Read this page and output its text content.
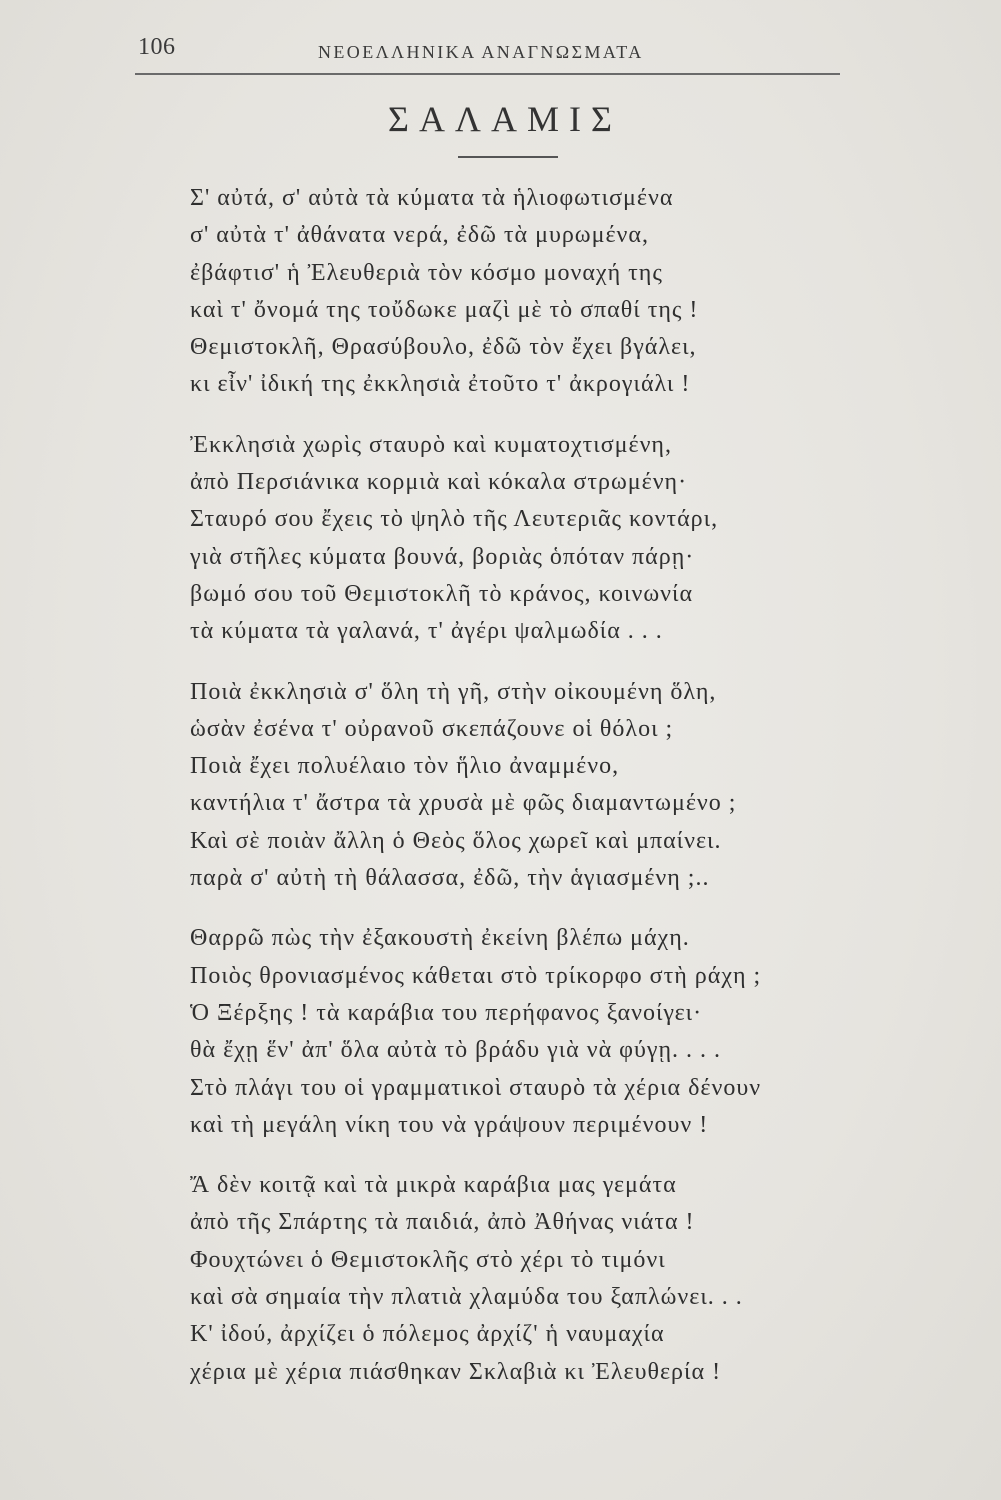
106	ΝΕΟΕΛΛΗΝΙΚΑ ΑΝΑΓΝΩΣΜΑΤΑ
ΣΑΛΑΜΙΣ
Σ' αὐτά, σ' αὐτὰ τὰ κύματα τὰ ἡλιοφωτισμένα
σ' αὐτὰ τ' ἀθάνατα νερά, ἐδῶ τὰ μυρωμένα,
ἐβάφτισ' ἡ Ἐλευθεριὰ τὸν κόσμο μοναχή της
καὶ τ' ὄνομά της τοὔδωκε μαζὶ μὲ τὸ σπαθί της !
Θεμιστοκλῆ, Θρασύβουλο, ἐδῶ τὸν ἔχει βγάλει,
κι εἶν' ἰδική της ἐκκλησιὰ ἐτοῦτο τ' ἀκρογιάλι !
Ἐκκλησιὰ χωρὶς σταυρὸ καὶ κυματοχτισμένη,
ἀπὸ Περσιάνικα κορμιὰ καὶ κόκαλα στρωμένη·
Σταυρό σου ἔχεις τὸ ψηλὸ τῆς Λευτεριᾶς κοντάρι,
γιὰ στῆλες κύματα βουνά, βοριὰς ὁπόταν πάρῃ·
βωμό σου τοῦ Θεμιστοκλῆ τὸ κράνος, κοινωνία
τὰ κύματα τὰ γαλανά, τ' ἀγέρι ψαλμωδία . . .
Ποιὰ ἐκκλησιὰ σ' ὅλη τὴ γῆ, στὴν οἰκουμένη ὅλη,
ὡσὰν ἐσένα τ' οὐρανοῦ σκεπάζουνε οἱ θόλοι ;
Ποιὰ ἔχει πολυέλαιο τὸν ἥλιο ἀναμμένο,
καντήλια τ' ἄστρα τὰ χρυσὰ μὲ φῶς διαμαντωμένο ;
Καὶ σὲ ποιὰν ἄλλη ὁ Θεὸς ὅλος χωρεῖ καὶ μπαίνει.
παρὰ σ' αὐτὴ τὴ θάλασσα, ἐδῶ, τὴν ἁγιασμένη ;..
Θαρρῶ πὼς τὴν ἐξακουστὴ ἐκείνη βλέπω μάχη.
Ποιὸς θρονιασμένος κάθεται στὸ τρίκορφο στὴ ράχη ;
Ὁ Ξέρξης ! τὰ καράβια του περήφανος ξανοίγει·
θὰ ἔχῃ ἕν' ἀπ' ὅλα αὐτὰ τὸ βράδυ γιὰ νὰ φύγῃ. . . .
Στὸ πλάγι του οἱ γραμματικοὶ σταυρὸ τὰ χέρια δένουν
καὶ τὴ μεγάλη νίκη του νὰ γράψουν περιμένουν !
Ἄ δὲν κοιτᾷ καὶ τὰ μικρὰ καράβια μας γεμάτα
ἀπὸ τῆς Σπάρτης τὰ παιδιά, ἀπὸ Ἀθήνας νιάτα !
Φουχτώνει ὁ Θεμιστοκλῆς στὸ χέρι τὸ τιμόνι
καὶ σὰ σημαία τὴν πλατιὰ χλαμύδα του ξαπλώνει. . .
Κ' ἰδού, ἀρχίζει ὁ πόλεμος ἀρχίζ' ἡ ναυμαχία
χέρια μὲ χέρια πιάσθηκαν Σκλαβιὰ κι Ἐλευθερία !
